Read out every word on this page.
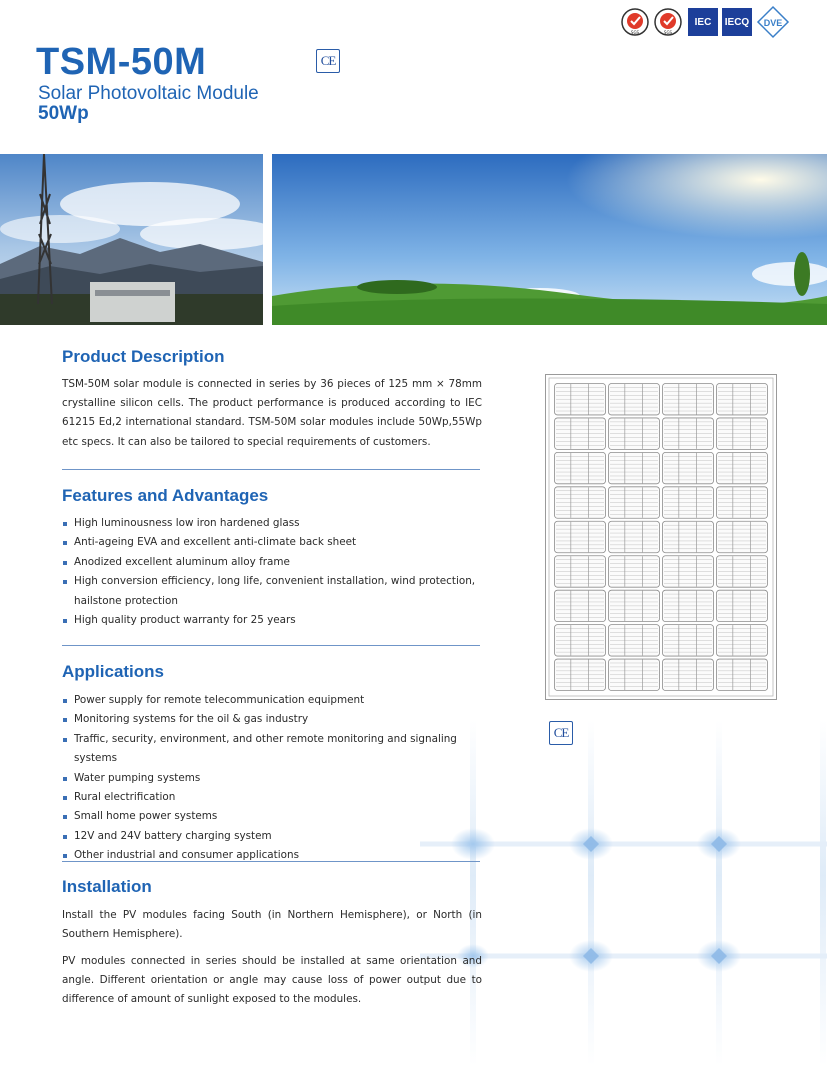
SGS	SGS
IEC	IECQ	DVE
TSM-50M
Solar Photovoltaic Module
50Wp
CE
Product Description
TSM-50M solar module is connected in series by 36 pieces of 125 mm × 78mm crystalline silicon cells. The product performance is produced according to IEC 61215 Ed,2 international standard. TSM-50M solar modules include 50Wp,55Wp etc specs. It can also be tailored to special requirements of customers.
Features and Advantages
High luminousness low iron hardened glass
Anti-ageing EVA and excellent anti-climate back sheet
Anodized excellent aluminum alloy frame
High conversion efficiency, long life, convenient installation, wind protection, hailstone protection
High quality product warranty for 25 years
Applications
Power supply for remote telecommunication equipment
Monitoring systems for the oil & gas industry
Traffic, security, environment, and other remote monitoring and signaling systems
Water pumping systems
Rural electrification
Small home power systems
12V and 24V battery charging system
Other industrial and consumer applications
Installation
Install the PV modules facing South (in Northern Hemisphere), or North (in Southern Hemisphere).
PV modules connected in series should be installed at same orientation and angle. Different orientation or angle may cause loss of power output due to difference of amount of sunlight exposed to the modules.
CE
